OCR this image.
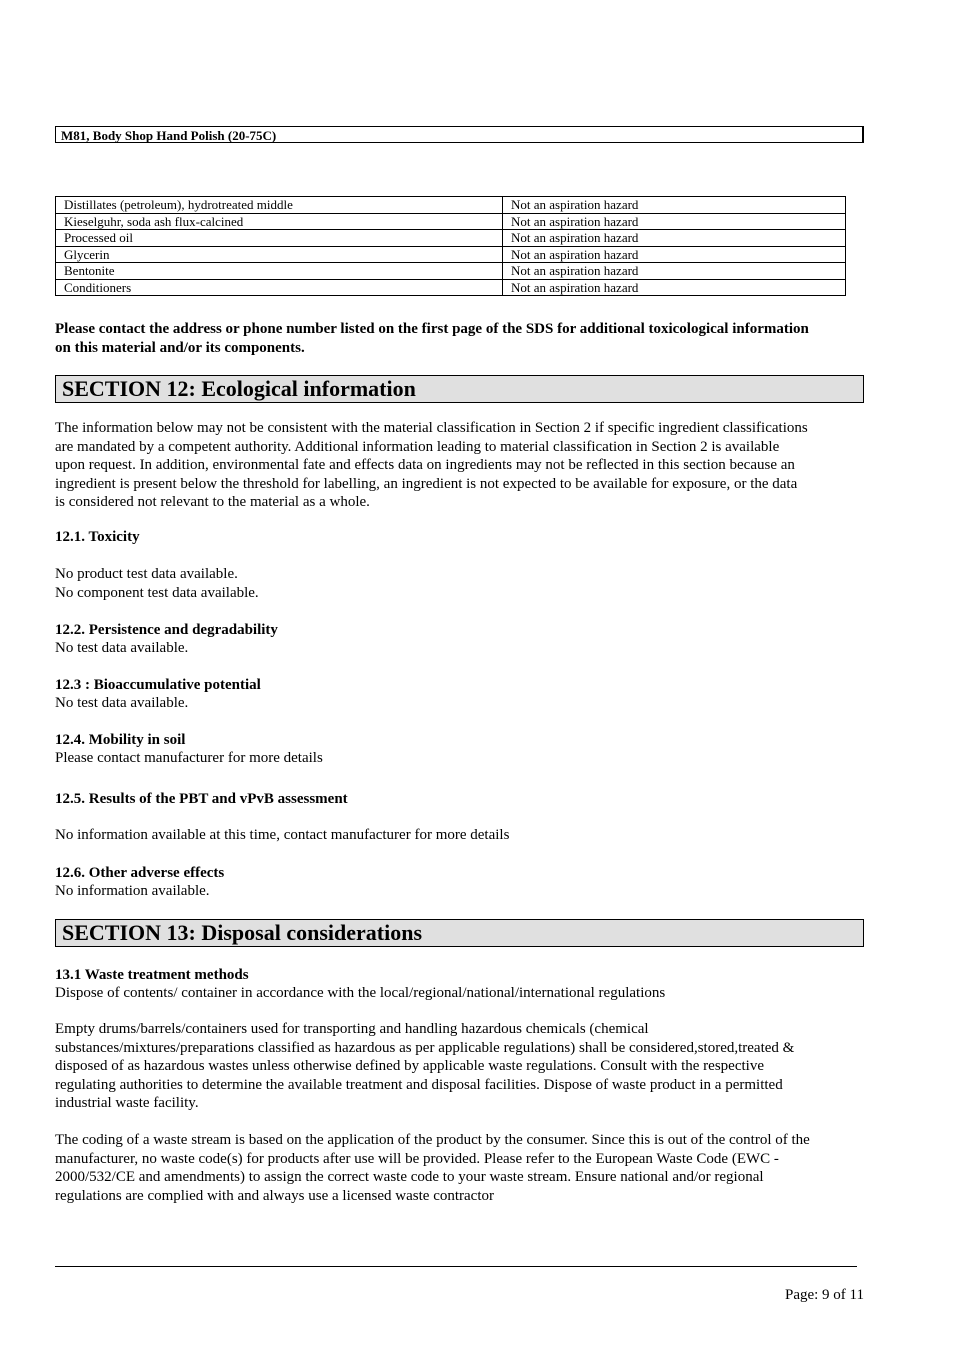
M81, Body Shop Hand Polish (20-75C)
Distillates (petroleum), hydrotreated middle	Not an aspiration hazard
Kieselguhr, soda ash flux-calcined	Not an aspiration hazard
Processed oil	Not an aspiration hazard
Glycerin	Not an aspiration hazard
Bentonite	Not an aspiration hazard
Conditioners	Not an aspiration hazard
Please contact the address or phone number listed on the first page of the SDS for additional toxicological information
on this material and/or its components.
SECTION 12: Ecological information
The information below may not be consistent with the material classification in Section 2 if specific ingredient classifications
are mandated by a competent authority. Additional information leading to material classification in Section 2 is available
upon request. In addition, environmental fate and effects data on ingredients may not be reflected in this section because an
ingredient is present below the threshold for labelling, an ingredient is not expected to be available for exposure, or the data
is considered not relevant to the material as a whole.
12.1. Toxicity
No product test data available.
No component test data available.
12.2. Persistence and degradability
No test data available.
12.3 : Bioaccumulative potential
No test data available.
12.4. Mobility in soil
Please contact manufacturer for more details
12.5. Results of the PBT and vPvB assessment
No information available at this time, contact manufacturer for more details
12.6. Other adverse effects
No information available.
SECTION 13: Disposal considerations
13.1 Waste treatment methods
Dispose of contents/ container in accordance with the local/regional/national/international regulations
Empty drums/barrels/containers used for transporting and handling hazardous chemicals (chemical
substances/mixtures/preparations classified as hazardous as per applicable regulations) shall be considered,stored,treated &
disposed of as hazardous wastes unless otherwise defined by applicable waste regulations. Consult with the respective
regulating authorities to determine the available treatment and disposal facilities. Dispose of waste product in a permitted
industrial waste facility.
The coding of a waste stream is based on the application of the product by the consumer. Since this is out of the control of the
manufacturer, no waste code(s) for products after use will be provided. Please refer to the European Waste Code (EWC -
2000/532/CE and amendments) to assign the correct waste code to your waste stream. Ensure national and/or regional
regulations are complied with and always use a licensed waste contractor
Page: 9 of 11
